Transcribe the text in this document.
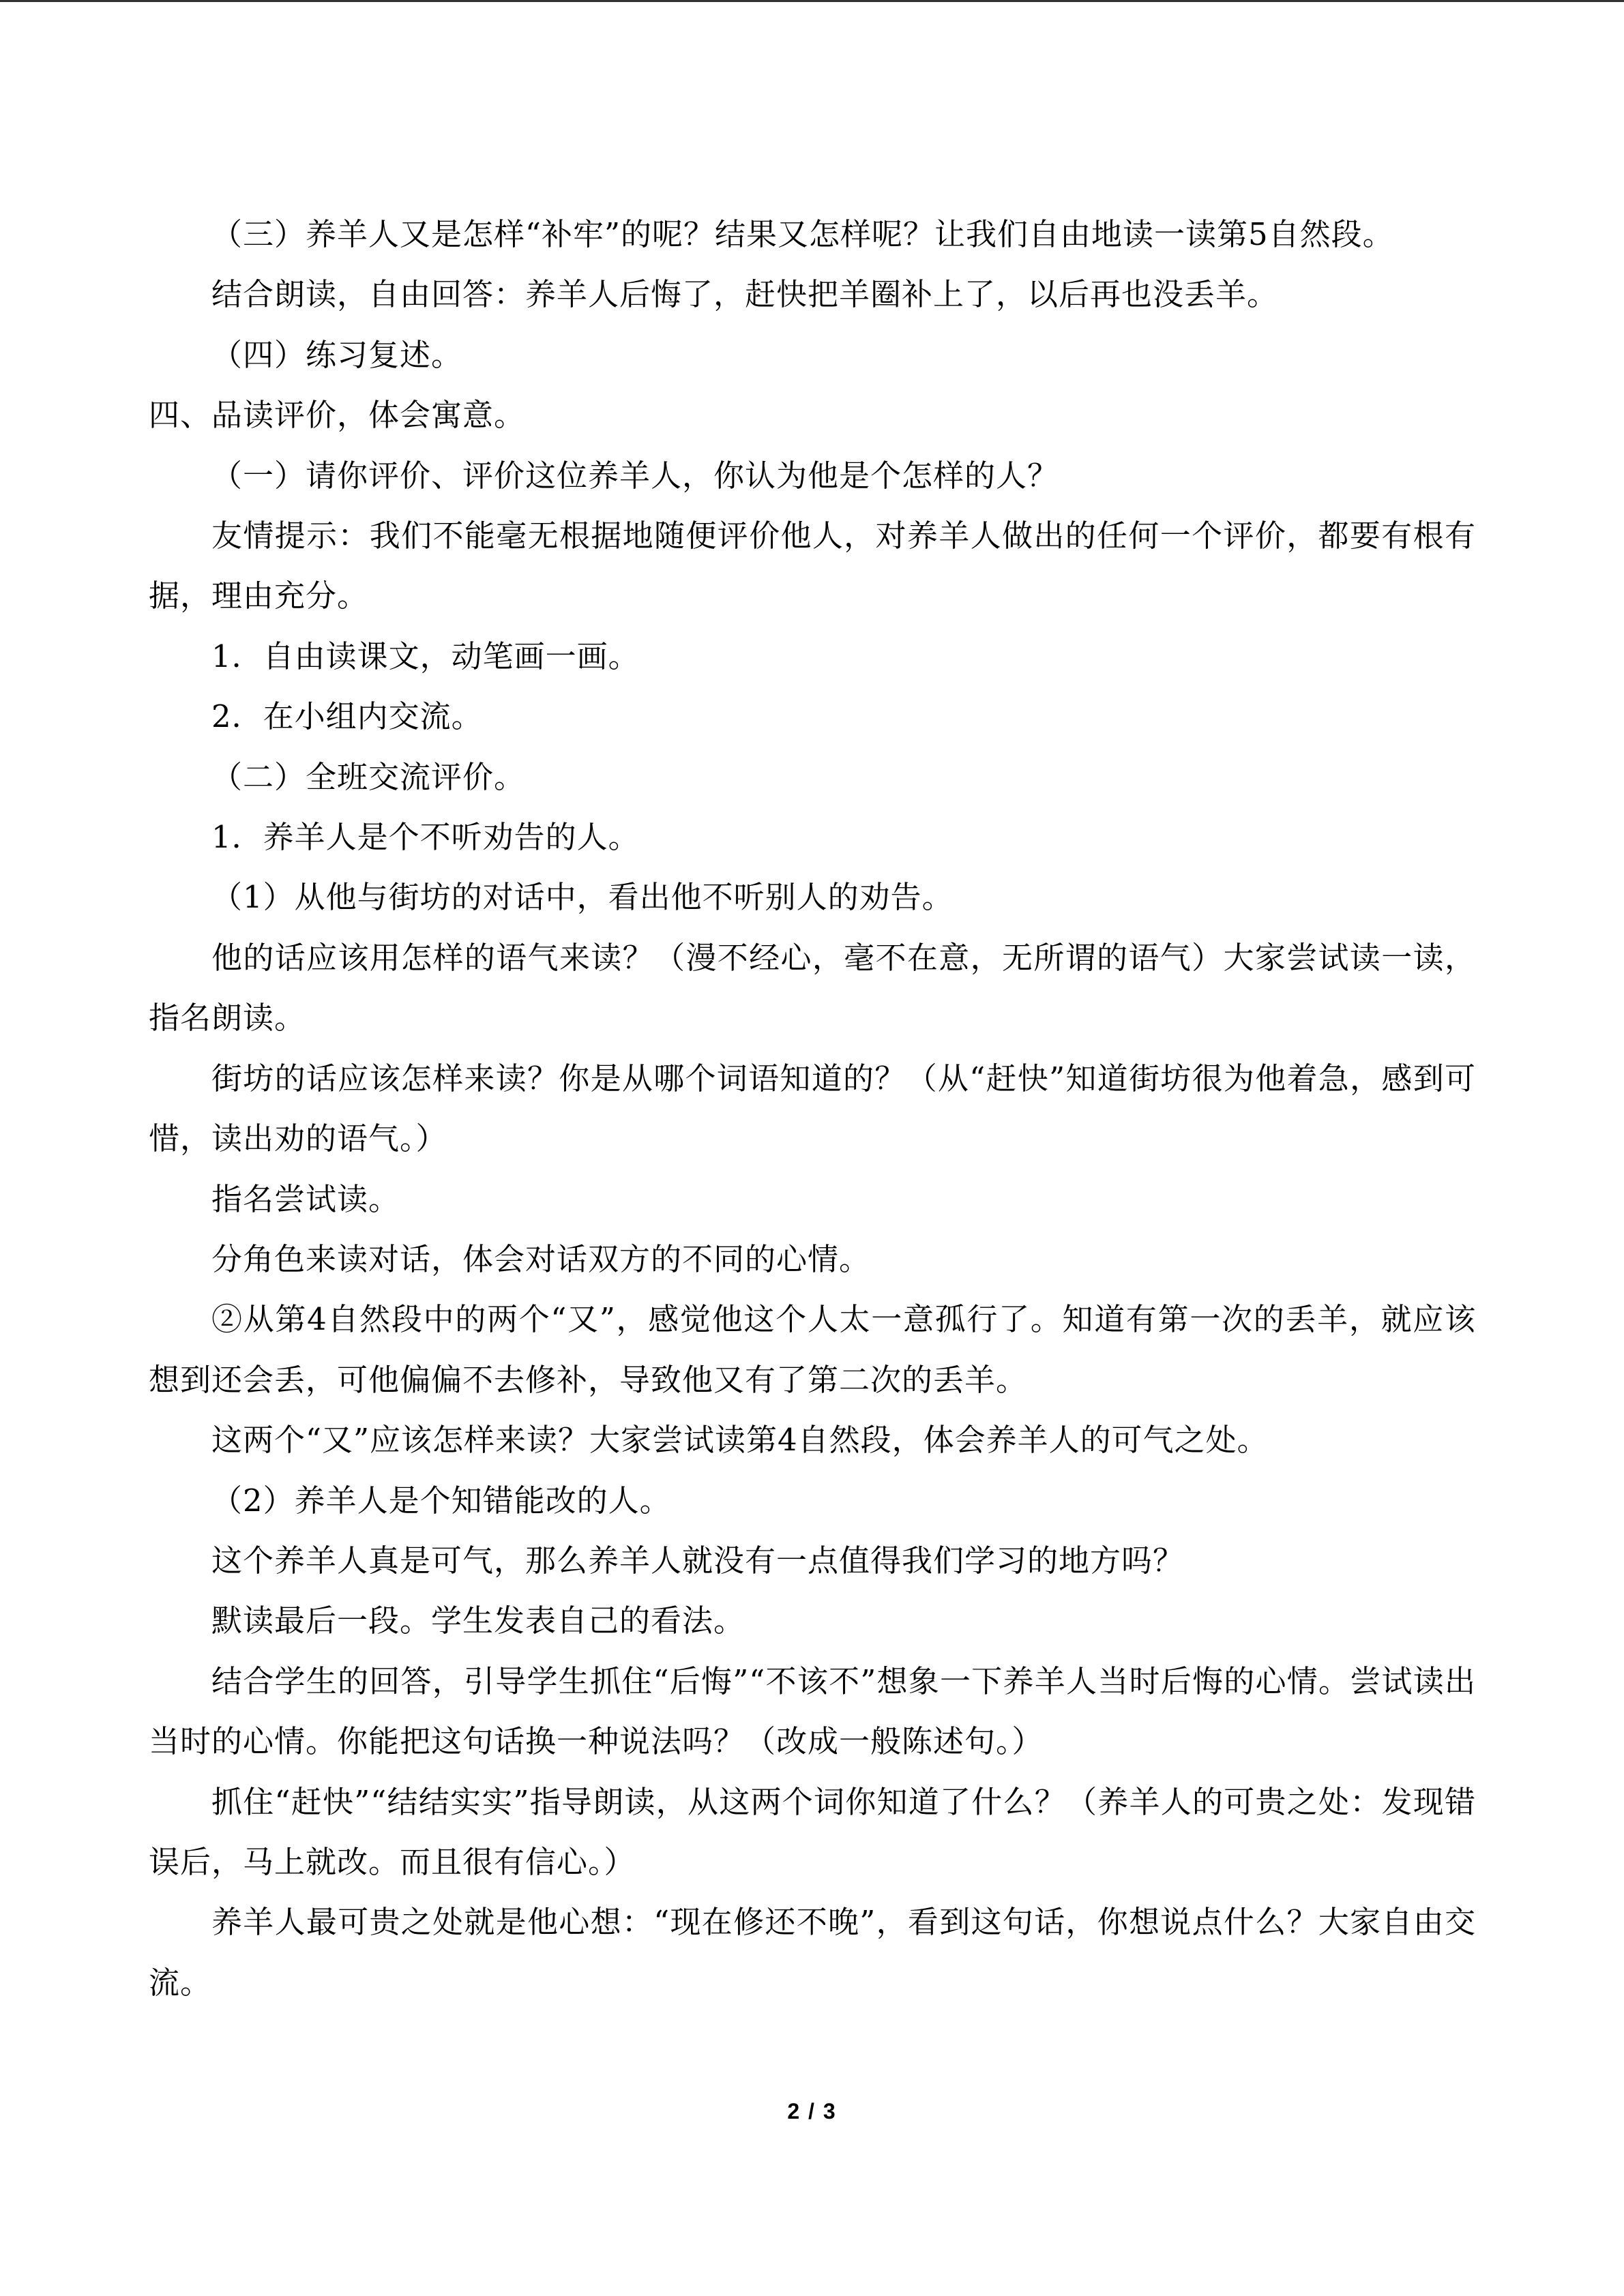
（三）养羊人又是怎样“补牢”的呢？结果又怎样呢？让我们自由地读一读第5自然段。

结合朗读，自由回答：养羊人后悔了，赶快把羊圈补上了，以后再也没丢羊。

（四）练习复述。

四、品读评价，体会寓意。

（一）请你评价、评价这位养羊人，你认为他是个怎样的人？

友情提示：我们不能毫无根据地随便评价他人，对养羊人做出的任何一个评价，都要有根有据，理由充分。

1．自由读课文，动笔画一画。

2．在小组内交流。

（二）全班交流评价。

1．养羊人是个不听劝告的人。

（1）从他与街坊的对话中，看出他不听别人的劝告。

他的话应该用怎样的语气来读？（漫不经心，毫不在意，无所谓的语气）大家尝试读一读，指名朗读。

街坊的话应该怎样来读？你是从哪个词语知道的？（从“赶快”知道街坊很为他着急，感到可惜，读出劝的语气。）

指名尝试读。

分角色来读对话，体会对话双方的不同的心情。

②从第4自然段中的两个“又”，感觉他这个人太一意孤行了。知道有第一次的丢羊，就应该想到还会丢，可他偏偏不去修补，导致他又有了第二次的丢羊。

这两个“又”应该怎样来读？大家尝试读第4自然段，体会养羊人的可气之处。

（2）养羊人是个知错能改的人。

这个养羊人真是可气，那么养羊人就没有一点值得我们学习的地方吗？

默读最后一段。学生发表自己的看法。

结合学生的回答，引导学生抓住“后悔”“不该不”想象一下养羊人当时后悔的心情。尝试读出当时的心情。你能把这句话换一种说法吗？（改成一般陈述句。）

抓住“赶快”“结结实实”指导朗读，从这两个词你知道了什么？（养羊人的可贵之处：发现错误后，马上就改。而且很有信心。）

养羊人最可贵之处就是他心想：“现在修还不晚”，看到这句话，你想说点什么？大家自由交流。

2 / 3
